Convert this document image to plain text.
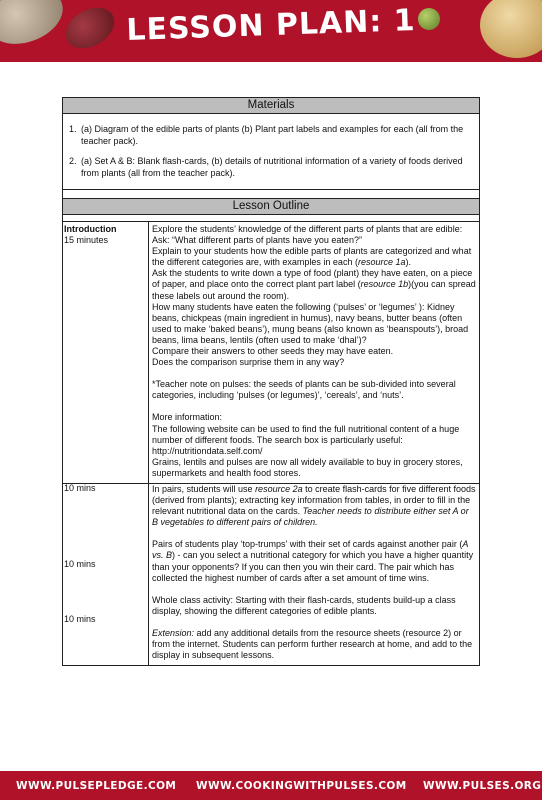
LESSON PLAN: 1
Materials
1. (a) Diagram of the edible parts of plants (b) Plant part labels and examples for each (all from the teacher pack).
2. (a) Set A & B: Blank flash-cards, (b) details of nutritional information of a variety of foods derived from plants (all from the teacher pack).
Lesson Outline
Introduction
15 minutes

Explore the students’ knowledge of the different parts of plants that are edible:

Ask: “What different parts of plants have you eaten?”

Explain to your students how the edible parts of plants are categorized and what the different categories are, with examples in each (resource 1a).

Ask the students to write down a type of food (plant) they have eaten, on a piece of paper, and place onto the correct plant part label (resource 1b)(you can spread these labels out around the room).

How many students have eaten the following (‘pulses’ or ‘legumes’ ): Kidney beans, chickpeas (main ingredient in humus), navy beans, butter beans (often used to make ‘baked beans’), mung beans (also known as ‘beanspouts’), broad beans, lima beans, lentils (often used to make ‘dhal’)?

Compare their answers to other seeds they may have eaten.

Does the comparison surprise them in any way?

*Teacher note on pulses: the seeds of plants can be sub-divided into several categories, including ‘pulses (or legumes)’, ‘cereals’, and ‘nuts’.

More information:

The following website can be used to find the full nutritional content of a huge number of different foods. The search box is particularly useful: http://nutritiondata.self.com/

Grains, lentils and pulses are now all widely available to buy in grocery stores, supermarkets and health food stores.

10 mins
10 mins
10 mins

In pairs, students will use resource 2a to create flash-cards for five different foods (derived from plants); extracting key information from tables, in order to fill in the relevant nutritional data on the cards. Teacher needs to distribute either set A or B vegetables to different pairs of children.

Pairs of students play ‘top-trumps’ with their set of cards against another pair (A vs. B) - can you select a nutritional category for which you have a higher quantity than your opponents? If you can then you win their card. The pair which has collected the highest number of cards after a set amount of time wins.

Whole class activity: Starting with their flash-cards, students build-up a class display, showing the different categories of edible plants.

Extension: add any additional details from the resource sheets (resource 2) or from the internet. Students can perform further research at home, and add to the display in subsequent lessons.

WWW.PULSEPLEDGE.COM WWW.COOKINGWITHPULSES.COM WWW.PULSES.ORG
